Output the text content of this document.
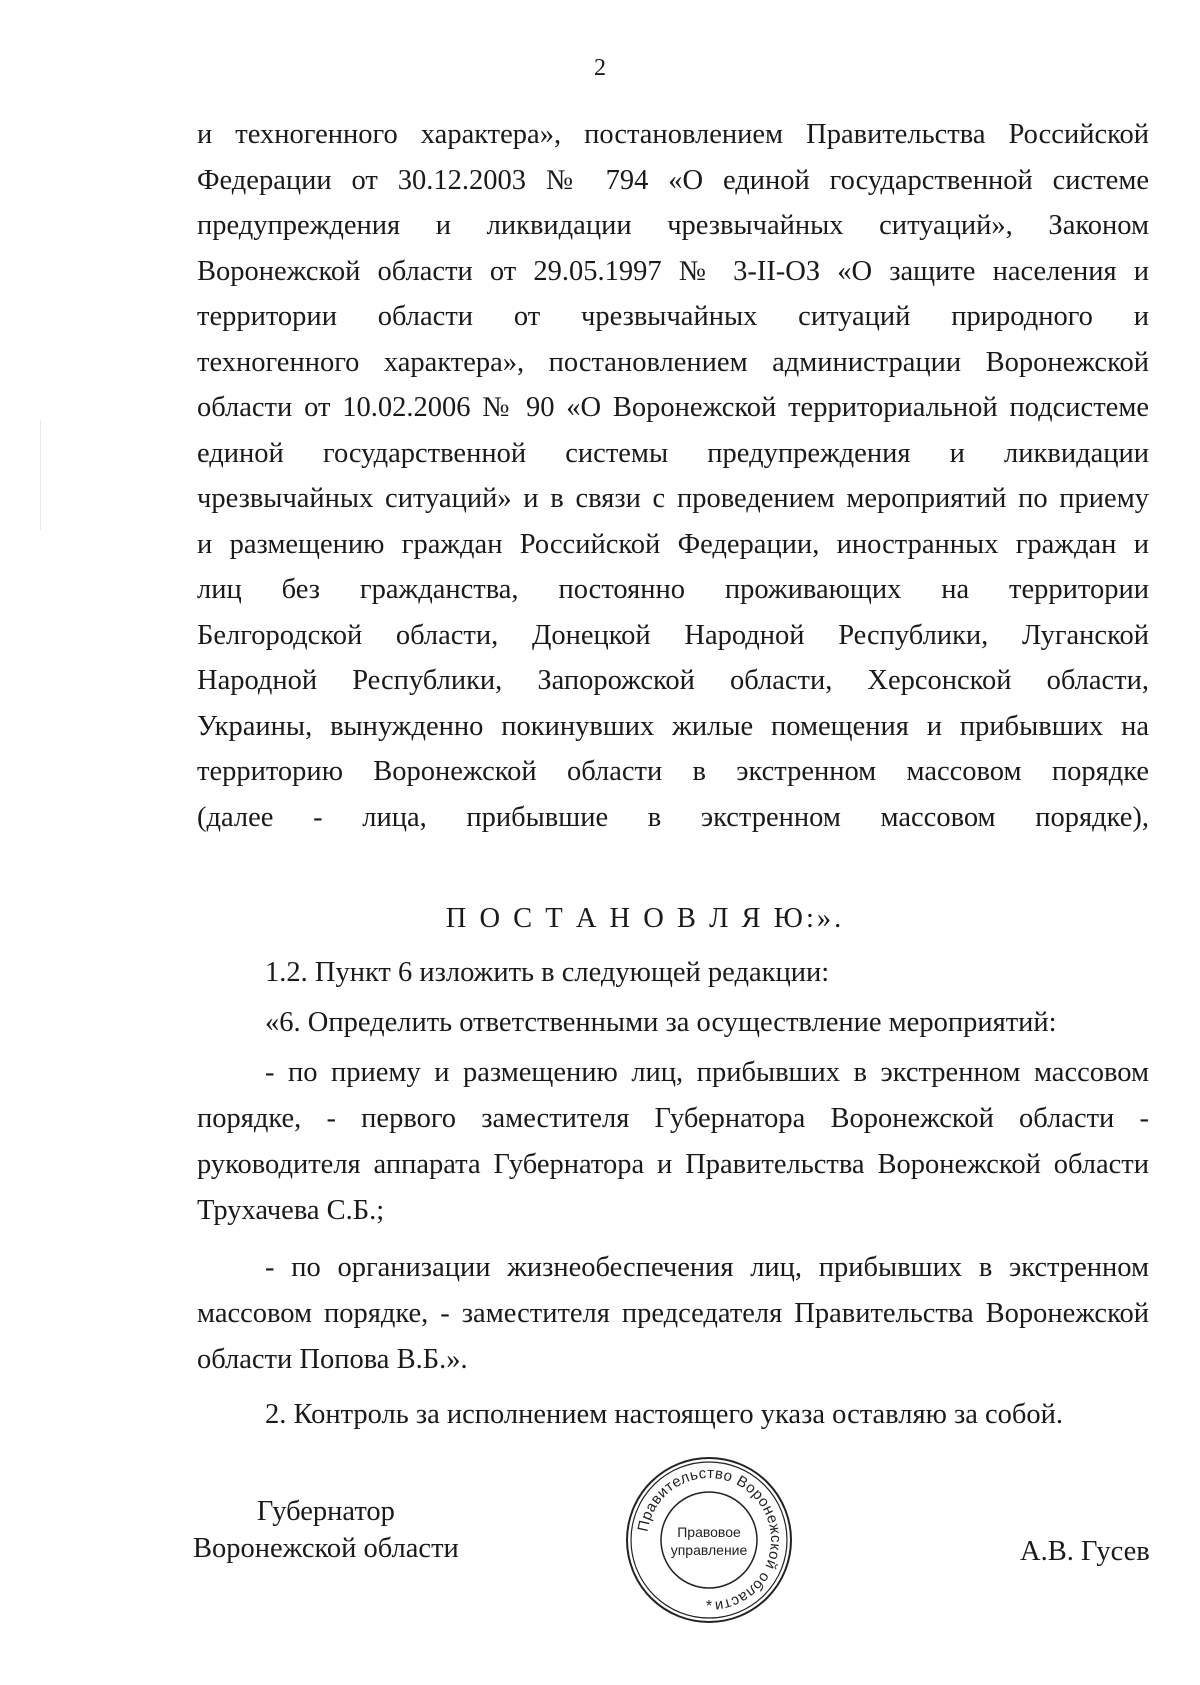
2
и техногенного характера», постановлением Правительства Российской
Федерации от 30.12.2003 № 794 «О единой государственной системе
предупреждения и ликвидации чрезвычайных ситуаций», Законом
Воронежской области от 29.05.1997 № 3-II-ОЗ «О защите населения и
территории области от чрезвычайных ситуаций природного и
техногенного характера», постановлением администрации Воронежской
области от 10.02.2006 № 90 «О Воронежской территориальной подсистеме
единой государственной системы предупреждения и ликвидации
чрезвычайных ситуаций» и в связи с проведением мероприятий по приему
и размещению граждан Российской Федерации, иностранных граждан и
лиц без гражданства, постоянно проживающих на территории
Белгородской области, Донецкой Народной Республики, Луганской
Народной Республики, Запорожской области, Херсонской области,
Украины, вынужденно покинувших жилые помещения и прибывших на
территорию Воронежской области в экстренном массовом порядке
(далее - лица, прибывшие в экстренном массовом порядке),
П О С Т А Н О В Л Я Ю:».
1.2. Пункт 6 изложить в следующей редакции:
«6. Определить ответственными за осуществление мероприятий:
- по приему и размещению лиц, прибывших в экстренном массовом
порядке, - первого заместителя Губернатора Воронежской области -
руководителя аппарата Губернатора и Правительства Воронежской области
Трухачева С.Б.;
- по организации жизнеобеспечения лиц, прибывших в экстренном
массовом порядке, - заместителя председателя Правительства Воронежской
области Попова В.Б.».
2. Контроль за исполнением настоящего указа оставляю за собой.
Губернатор
Воронежской области
Правительство Воронежской области
Правовое
управление
*
А.В. Гусев
